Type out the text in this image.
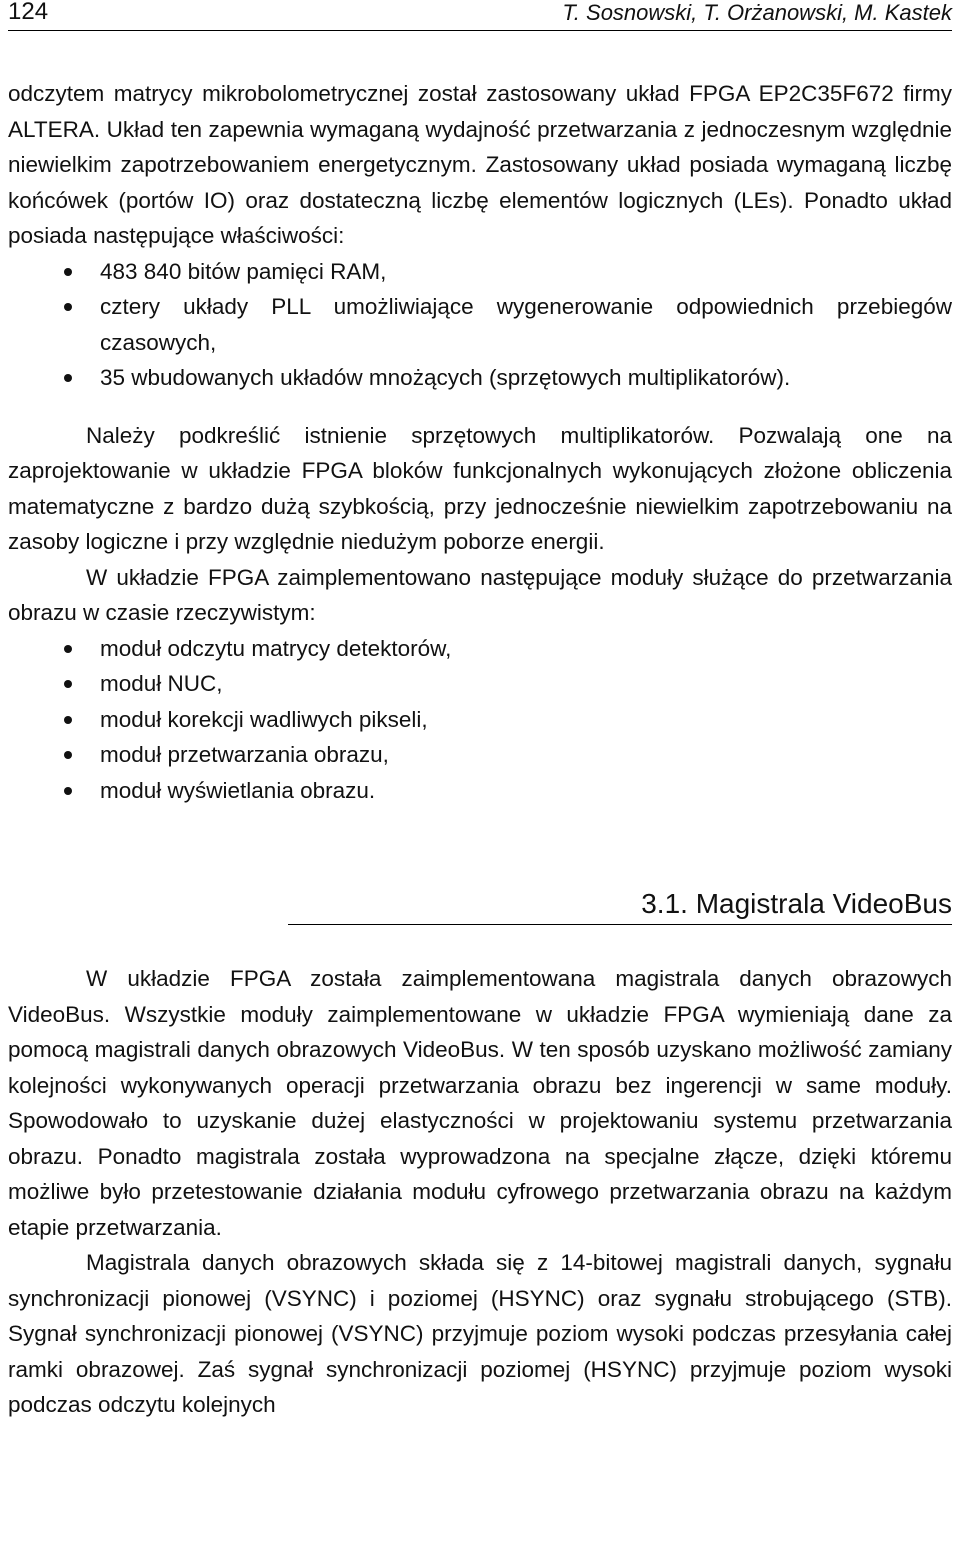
124	T. Sosnowski, T. Orżanowski, M. Kastek

odczytem matrycy mikrobolometrycznej został zastosowany układ FPGA EP2C35F672 firmy ALTERA. Układ ten zapewnia wymaganą wydajność przetwarzania z jednoczesnym względnie niewielkim zapotrzebowaniem energetycznym. Zastosowany układ posiada wymaganą liczbę końcówek (portów IO) oraz dostateczną liczbę elementów logicznych (LEs). Ponadto układ posiada następujące właściwości:

483 840 bitów pamięci RAM,
cztery układy PLL umożliwiające wygenerowanie odpowiednich przebiegów czasowych,
35 wbudowanych układów mnożących (sprzętowych multiplikatorów).

Należy podkreślić istnienie sprzętowych multiplikatorów. Pozwalają one na zaprojektowanie w układzie FPGA bloków funkcjonalnych wykonujących złożone obliczenia matematyczne z bardzo dużą szybkością, przy jednocześnie niewielkim zapotrzebowaniu na zasoby logiczne i przy względnie niedużym poborze energii.

W układzie FPGA zaimplementowano następujące moduły służące do przetwarzania obrazu w czasie rzeczywistym:

moduł odczytu matrycy detektorów,
moduł NUC,
moduł korekcji wadliwych pikseli,
moduł przetwarzania obrazu,
moduł wyświetlania obrazu.
3.1. Magistrala VideoBus

W układzie FPGA została zaimplementowana magistrala danych obrazowych VideoBus. Wszystkie moduły zaimplementowane w układzie FPGA wymieniają dane za pomocą magistrali danych obrazowych VideoBus. W ten sposób uzyskano możliwość zamiany kolejności wykonywanych operacji przetwarzania obrazu bez ingerencji w same moduły. Spowodowało to uzyskanie dużej elastyczności w projektowaniu systemu przetwarzania obrazu. Ponadto magistrala została wyprowadzona na specjalne złącze, dzięki któremu możliwe było przetestowanie działania modułu cyfrowego przetwarzania obrazu na każdym etapie przetwarzania.

Magistrala danych obrazowych składa się z 14-bitowej magistrali danych, sygnału synchronizacji pionowej (VSYNC) i poziomej (HSYNC) oraz sygnału strobującego (STB). Sygnał synchronizacji pionowej (VSYNC) przyjmuje poziom wysoki podczas przesyłania całej ramki obrazowej. Zaś sygnał synchronizacji poziomej (HSYNC) przyjmuje poziom wysoki podczas odczytu kolejnych
